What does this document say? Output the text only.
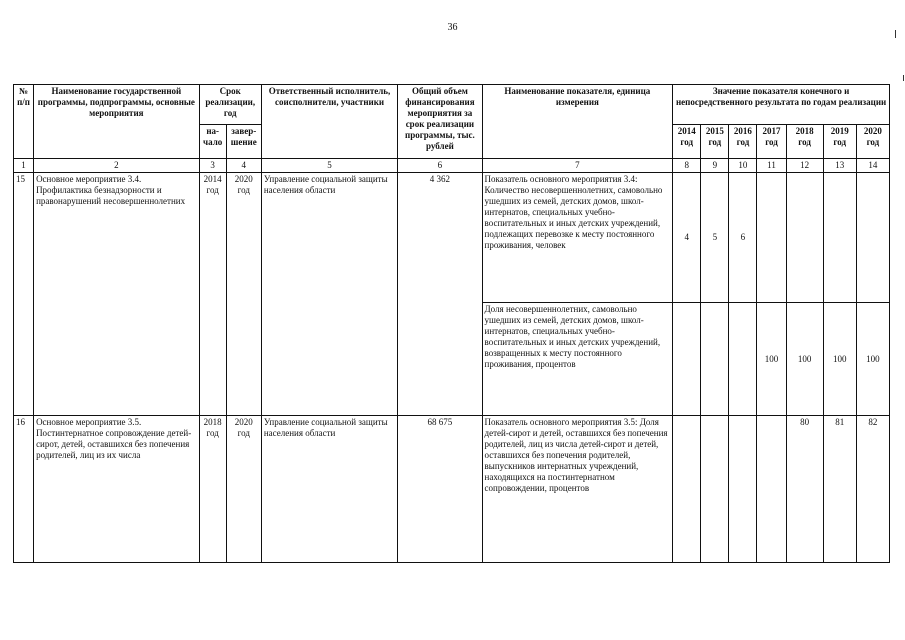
36
№ п/п	Наименование государственной программы, подпрограммы, основные мероприятия	Срок реализации, год		Ответственный исполнитель, соисполнители, участники	Общий объем финансирования мероприятия за срок реализации программы, тыс. рублей	Наименование показателя, единица измерения	Значение показателя конечного и непосредственного результата по годам реализации						
		на-чало	завер-шение				2014 год	2015 год	2016 год	2017 год	2018 год	2019 год	2020 год
1	2	3	4	5	6	7	8	9	10	11	12	13	14
15	Основное мероприятие 3.4. Профилактика безнадзорности и правонарушений несовершеннолетних	2014 год	2020 год	Управление социальной защиты населения области	4 362	Показатель основного мероприятия 3.4: Количество несовершеннолетних, самовольно ушедших из семей, детских домов, школ-интернатов, специальных учебно-воспитательных и иных детских учреждений, подлежащих перевозке к месту постоянного проживания, человек	4	5	6				
						Доля несовершеннолетних, самовольно ушедших из семей, детских домов, школ-интернатов, специальных учебно-воспитательных и иных детских учреждений, возвращенных к месту постоянного проживания, процентов				100	100	100	100
16	Основное мероприятие 3.5. Постинтернатное сопровождение детей-сирот, детей, оставшихся без попечения родителей, лиц из их числа	2018 год	2020 год	Управление социальной защиты населения области	68 675	Показатель основного мероприятия 3.5: Доля детей-сирот и детей, оставшихся без попечения родителей, лиц из числа детей-сирот и детей, оставшихся без попечения родителей, выпускников интернатных учреждений, находящихся на постинтернатном сопровождении, процентов					80	81	82
